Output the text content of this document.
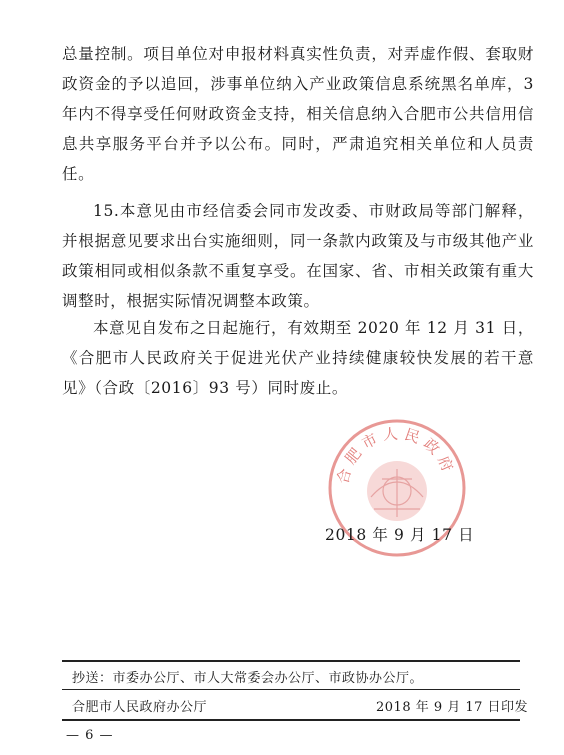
总量控制。项目单位对申报材料真实性负责，对弄虚作假、套取财政资金的予以追回，涉事单位纳入产业政策信息系统黑名单库，3 年内不得享受任何财政资金支持，相关信息纳入合肥市公共信用信息共享服务平台并予以公布。同时，严肃追究相关单位和人员责任。
15.本意见由市经信委会同市发改委、市财政局等部门解释，并根据意见要求出台实施细则，同一条款内政策及与市级其他产业政策相同或相似条款不重复享受。在国家、省、市相关政策有重大调整时，根据实际情况调整本政策。
本意见自发布之日起施行，有效期至 2020 年 12 月 31 日，《合肥市人民政府关于促进光伏产业持续健康较快发展的若干意见》（合政〔2016〕93 号）同时废止。
合肥市人民政府
2018 年 9 月 17 日
抄送：市委办公厅、市人大常委会办公厅、市政协办公厅。
合肥市人民政府办公厅	2018 年 9 月 17 日印发
— 6 —
